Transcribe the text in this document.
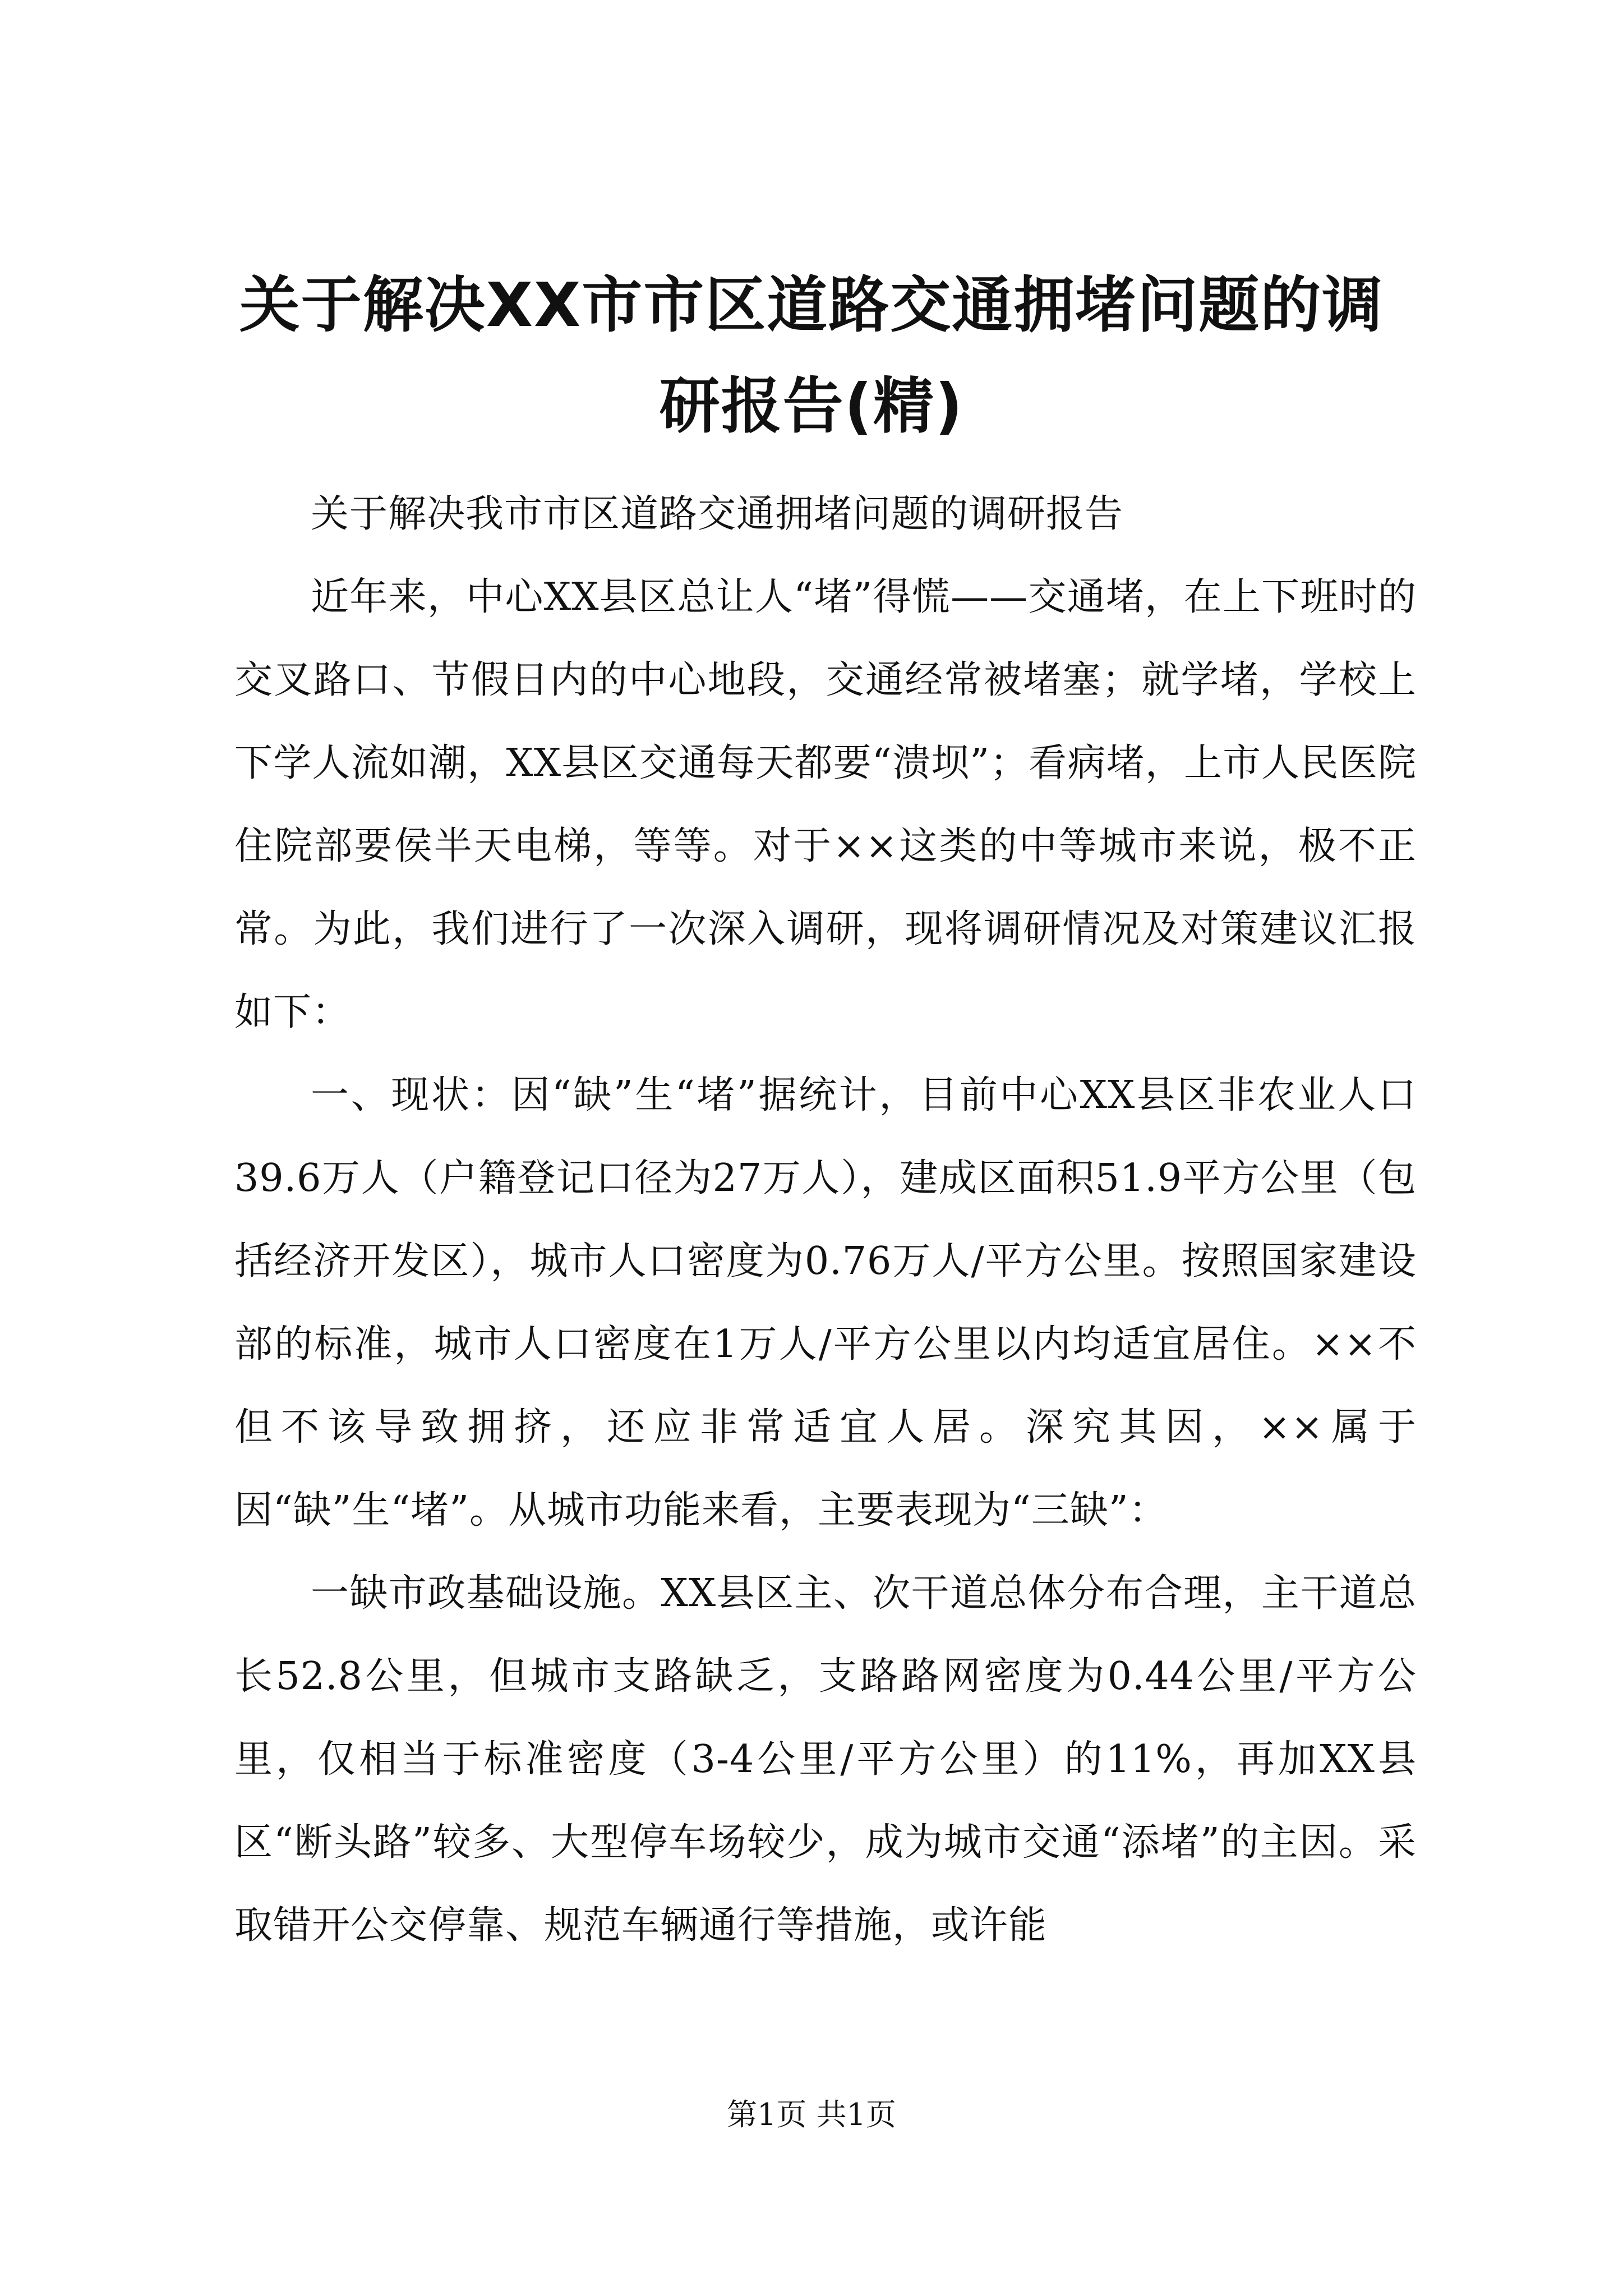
关于解决XX市市区道路交通拥堵问题的调研报告(精)

关于解决我市市区道路交通拥堵问题的调研报告

近年来，中心XX县区总让人“堵”得慌——交通堵，在上下班时的交叉路口、节假日内的中心地段，交通经常被堵塞；就学堵，学校上下学人流如潮，XX县区交通每天都要“溃坝”；看病堵，上市人民医院住院部要侯半天电梯，等等。对于××这类的中等城市来说，极不正常。为此，我们进行了一次深入调研，现将调研情况及对策建议汇报如下：

一、现状：因“缺”生“堵”据统计，目前中心XX县区非农业人口39.6万人（户籍登记口径为27万人），建成区面积51.9平方公里（包括经济开发区），城市人口密度为0.76万人/平方公里。按照国家建设部的标准，城市人口密度在1万人/平方公里以内均适宜居住。××不但不该导致拥挤，还应非常适宜人居。深究其因，××属于因“缺”生“堵”。从城市功能来看，主要表现为“三缺”：

一缺市政基础设施。XX县区主、次干道总体分布合理，主干道总长52.8公里，但城市支路缺乏，支路路网密度为0.44公里/平方公里，仅相当于标准密度（3-4公里/平方公里）的11%，再加XX县区“断头路”较多、大型停车场较少，成为城市交通“添堵”的主因。采取错开公交停靠、规范车辆通行等措施，或许能

第1页 共1页
